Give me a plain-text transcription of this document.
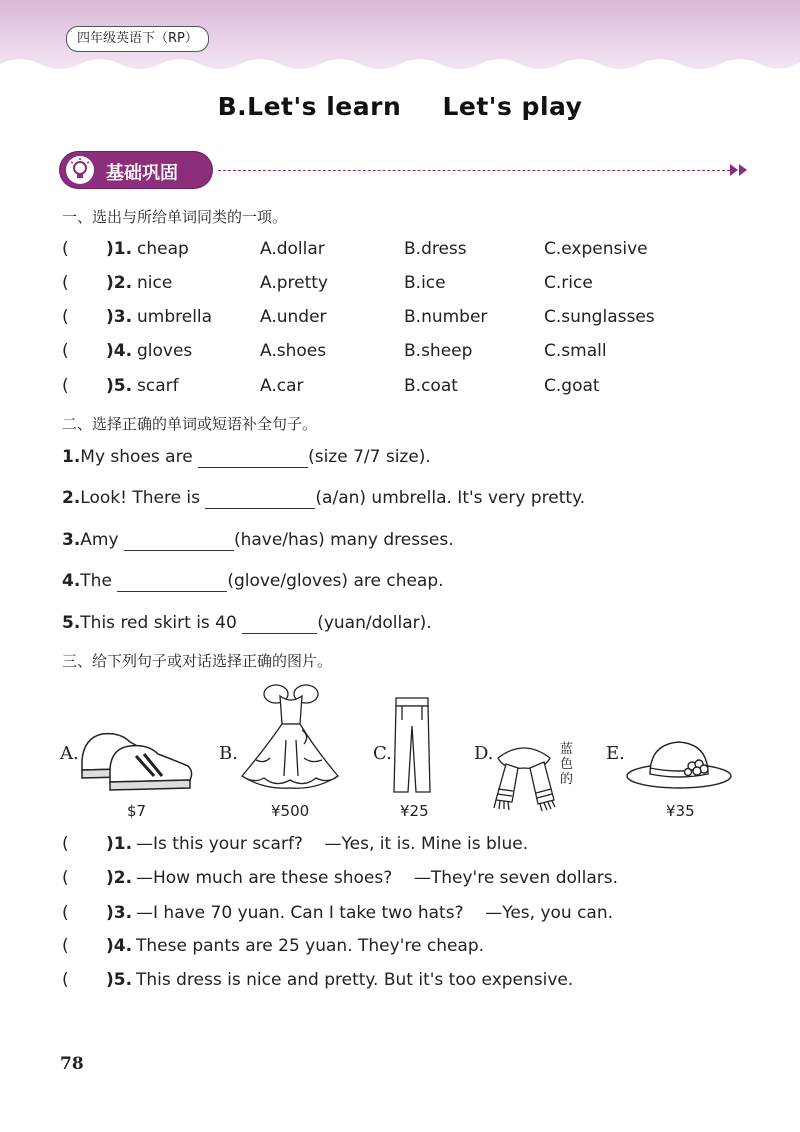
四年级英语下（RP）
B.Let's learn Let's play
基础巩固
一、选出与所给单词同类的一项。
( )1. cheap	A.dollar	B.dress	C.expensive
( )2. nice	A.pretty	B.ice	C.rice
( )3. umbrella	A.under	B.number	C.sunglasses
( )4. gloves	A.shoes	B.sheep	C.small
( )5. scarf	A.car	B.coat	C.goat
二、选择正确的单词或短语补全句子。
1.My shoes are	(size 7/7 size).
2.Look! There is	(a/an) umbrella. It's very pretty.
3.Amy	(have/has) many dresses.
4.The	(glove/gloves) are cheap.
5.This red skirt is 40	(yuan/dollar).
三、给下列句子或对话选择正确的图片。
A.
$7
B.
¥500
C.
¥25
D.	蓝色的
E.
¥35
( )1. —Is this your scarf?    —Yes, it is. Mine is blue.
( )2. —How much are these shoes?    —They're seven dollars.
( )3. —I have 70 yuan. Can I take two hats?    —Yes, you can.
( )4. These pants are 25 yuan. They're cheap.
( )5. This dress is nice and pretty. But it's too expensive.
78
